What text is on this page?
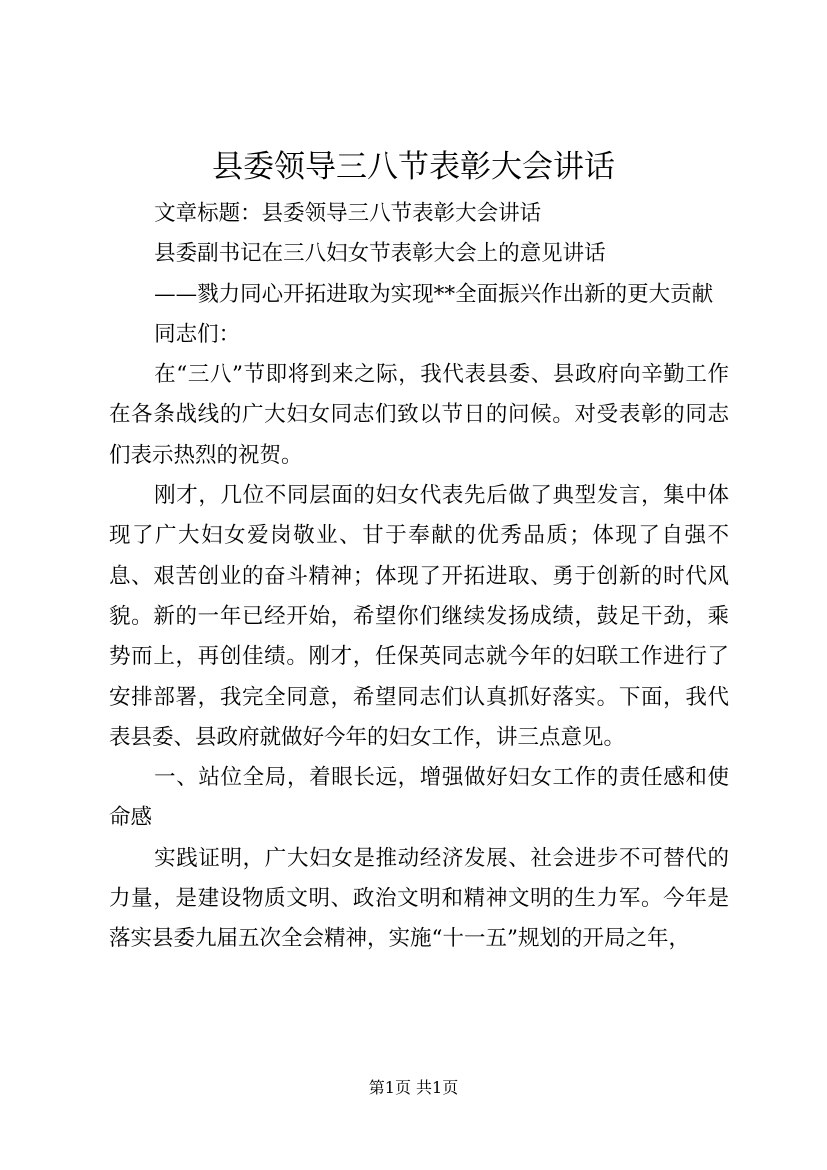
县委领导三八节表彰大会讲话

文章标题：县委领导三八节表彰大会讲话

县委副书记在三八妇女节表彰大会上的意见讲话

——戮力同心开拓进取为实现**全面振兴作出新的更大贡献

同志们：

在“三八”节即将到来之际，我代表县委、县政府向辛勤工作在各条战线的广大妇女同志们致以节日的问候。对受表彰的同志们表示热烈的祝贺。

刚才，几位不同层面的妇女代表先后做了典型发言，集中体现了广大妇女爱岗敬业、甘于奉献的优秀品质；体现了自强不息、艰苦创业的奋斗精神；体现了开拓进取、勇于创新的时代风貌。新的一年已经开始，希望你们继续发扬成绩，鼓足干劲，乘势而上，再创佳绩。刚才，任保英同志就今年的妇联工作进行了安排部署，我完全同意，希望同志们认真抓好落实。下面，我代表县委、县政府就做好今年的妇女工作，讲三点意见。

一、站位全局，着眼长远，增强做好妇女工作的责任感和使命感

实践证明，广大妇女是推动经济发展、社会进步不可替代的力量，是建设物质文明、政治文明和精神文明的生力军。今年是落实县委九届五次全会精神，实施“十一五”规划的开局之年，

第1页 共1页
